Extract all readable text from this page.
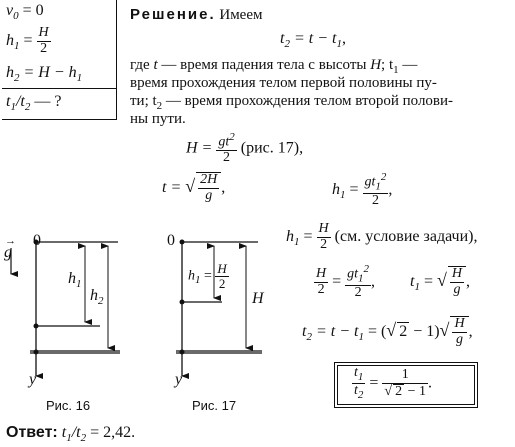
$v_0 = 0$
$h_1 = \frac{H}{2}$
$h_2 = H - h_1$
$t_1/t_2$ — ?
Решение. Имеем
$t_2 = t - t_1$,
где t — время падения тела с высоты H; $t_1$ —
время прохождения телом первой половины пу-
ти; $t_2$ — время прохождения телом второй полови-
ны пути.
$H = \frac{gt^2}{2} (рис$. 17),
t = √ $\frac{2H}{g}$ ,	$h_1 = \frac{gt_1^2}{2}$ ,
$h_1 = \frac{H}{2} (см$. условие задачи),
$\frac{H}{2} = \frac{gt_1^2}{2}$ , $t_1$ = √ $\frac{H}{g}$ ,
$t_2 = t - t_1$ = (√ $2 - 1)√ \frac{H}{g}$ ,
$\frac{t_1}{t_2} = \frac{1}{√ 2 - 1}$ .
→
g
0
$h_1$
$h_2$
y
Рис. 16
0
$h_1 = \frac{H}{2}$
H
y
Рис. 17
Ответ: $t_1/t_2 = 2,42$.
